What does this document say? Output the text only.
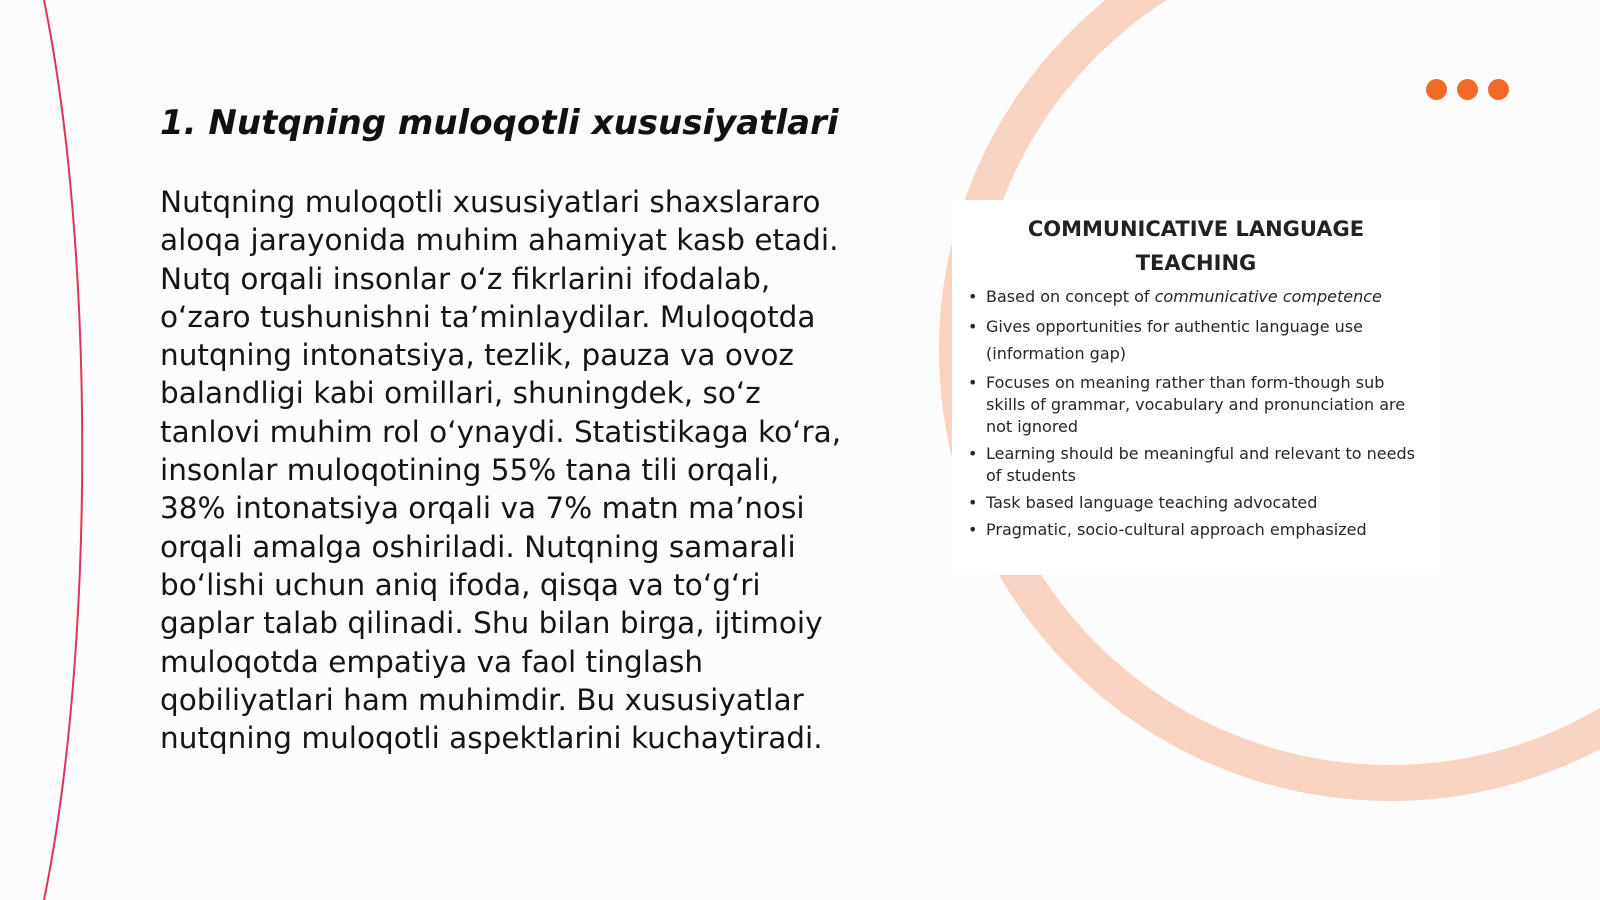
1. Nutqning muloqotli xususiyatlari

Nutqning muloqotli xususiyatlari shaxslararo aloqa jarayonida muhim ahamiyat kasb etadi. Nutq orqali insonlar o‘z fikrlarini ifodalab, o‘zaro tushunishni ta’minlaydilar. Muloqotda nutqning intonatsiya, tezlik, pauza va ovoz balandligi kabi omillari, shuningdek, so‘z tanlovi muhim rol o‘ynaydi. Statistikaga ko‘ra, insonlar muloqotining 55% tana tili orqali, 38% intonatsiya orqali va 7% matn ma’nosi orqali amalga oshiriladi. Nutqning samarali bo‘lishi uchun aniq ifoda, qisqa va to‘g‘ri gaplar talab qilinadi. Shu bilan birga, ijtimoiy muloqotda empatiya va faol tinglash qobiliyatlari ham muhimdir. Bu xususiyatlar nutqning muloqotli aspektlarini kuchaytiradi.

COMMUNICATIVE LANGUAGE
TEACHING
• Based on concept of communicative competence
• Gives opportunities for authentic language use (information gap)
• Focuses on meaning rather than form-though sub skills of grammar, vocabulary and pronunciation are not ignored
• Learning should be meaningful and relevant to needs of students
• Task based language teaching advocated
• Pragmatic, socio-cultural approach emphasized
